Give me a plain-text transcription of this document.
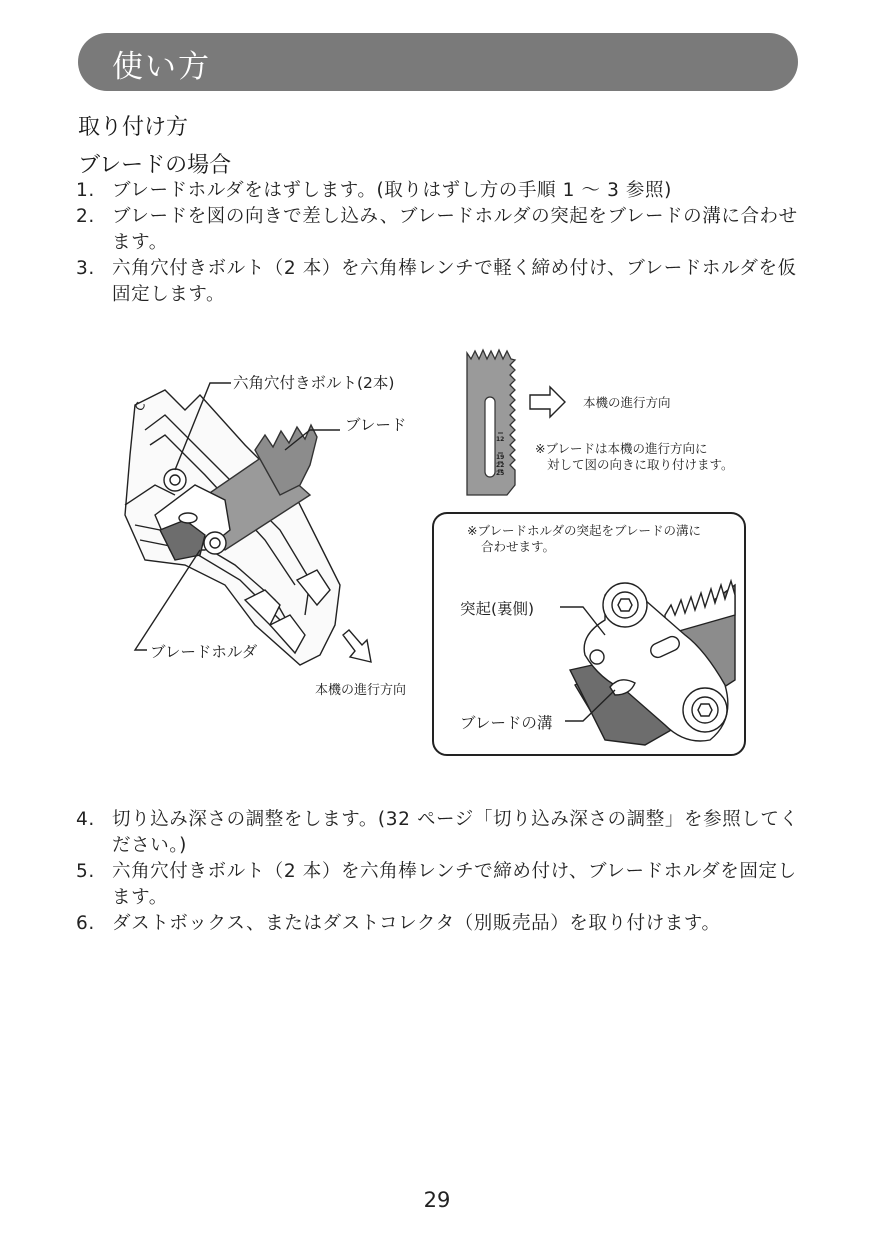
使い方
取り付け方
ブレードの場合
1. ブレードホルダをはずします。(取りはずし方の手順 1 ～ 3 参照)
2. ブレードを図の向きで差し込み、ブレードホルダの突起をブレードの溝に合わせます。
3. 六角穴付きボルト（2 本）を六角棒レンチで軽く締め付け、ブレードホルダを仮固定します。
六角穴付きボルト(2本)
ブレード
ブレードホルダ
本機の進行方向
12
19
22
25
本機の進行方向
※ブレードは本機の進行方向に
対して図の向きに取り付けます。
※ブレードホルダの突起をブレードの溝に
合わせます。
突起(裏側)
ブレードの溝
C
4. 切り込み深さの調整をします。(32 ページ「切り込み深さの調整」を参照してください。)
5. 六角穴付きボルト（2 本）を六角棒レンチで締め付け、ブレードホルダを固定します。
6. ダストボックス、またはダストコレクタ（別販売品）を取り付けます。
29
